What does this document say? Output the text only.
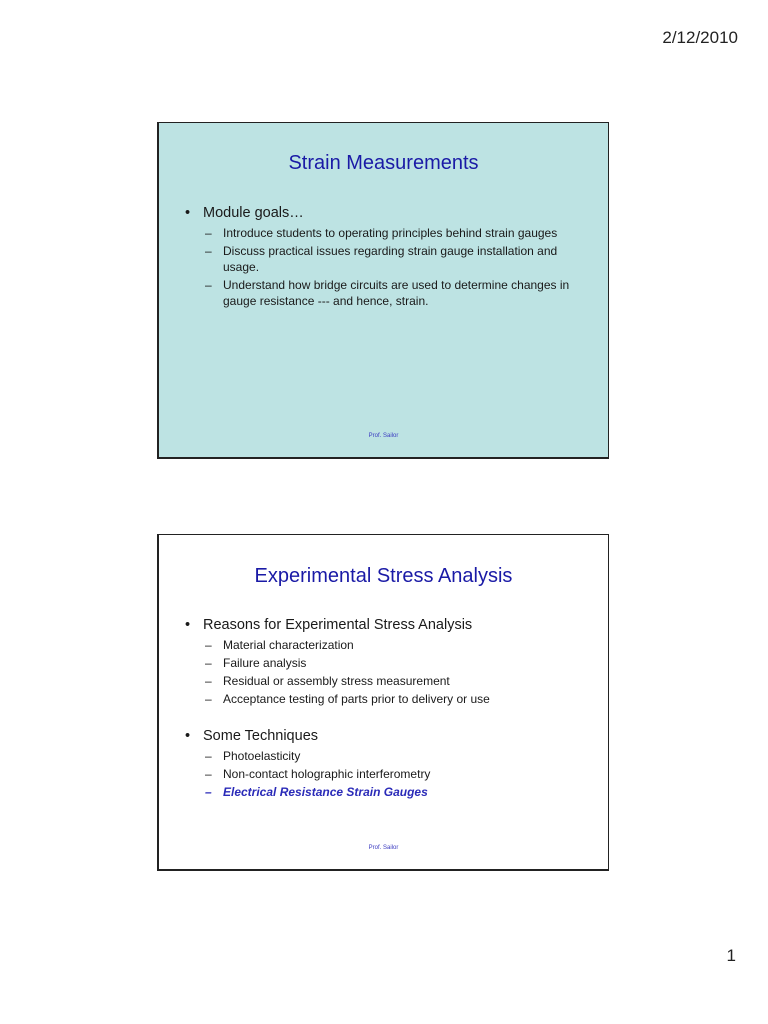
2/12/2010
Strain Measurements
• Module goals…
– Introduce students to operating principles behind strain gauges
– Discuss practical issues regarding strain gauge installation and usage.
– Understand how bridge circuits are used to determine changes in gauge resistance --- and hence, strain.
Prof. Sailor
Experimental Stress Analysis
• Reasons for Experimental Stress Analysis
– Material characterization
– Failure analysis
– Residual or assembly stress measurement
– Acceptance testing of parts prior to delivery or use
• Some Techniques
– Photoelasticity
– Non-contact holographic interferometry
– Electrical Resistance Strain Gauges
Prof. Sailor
1
